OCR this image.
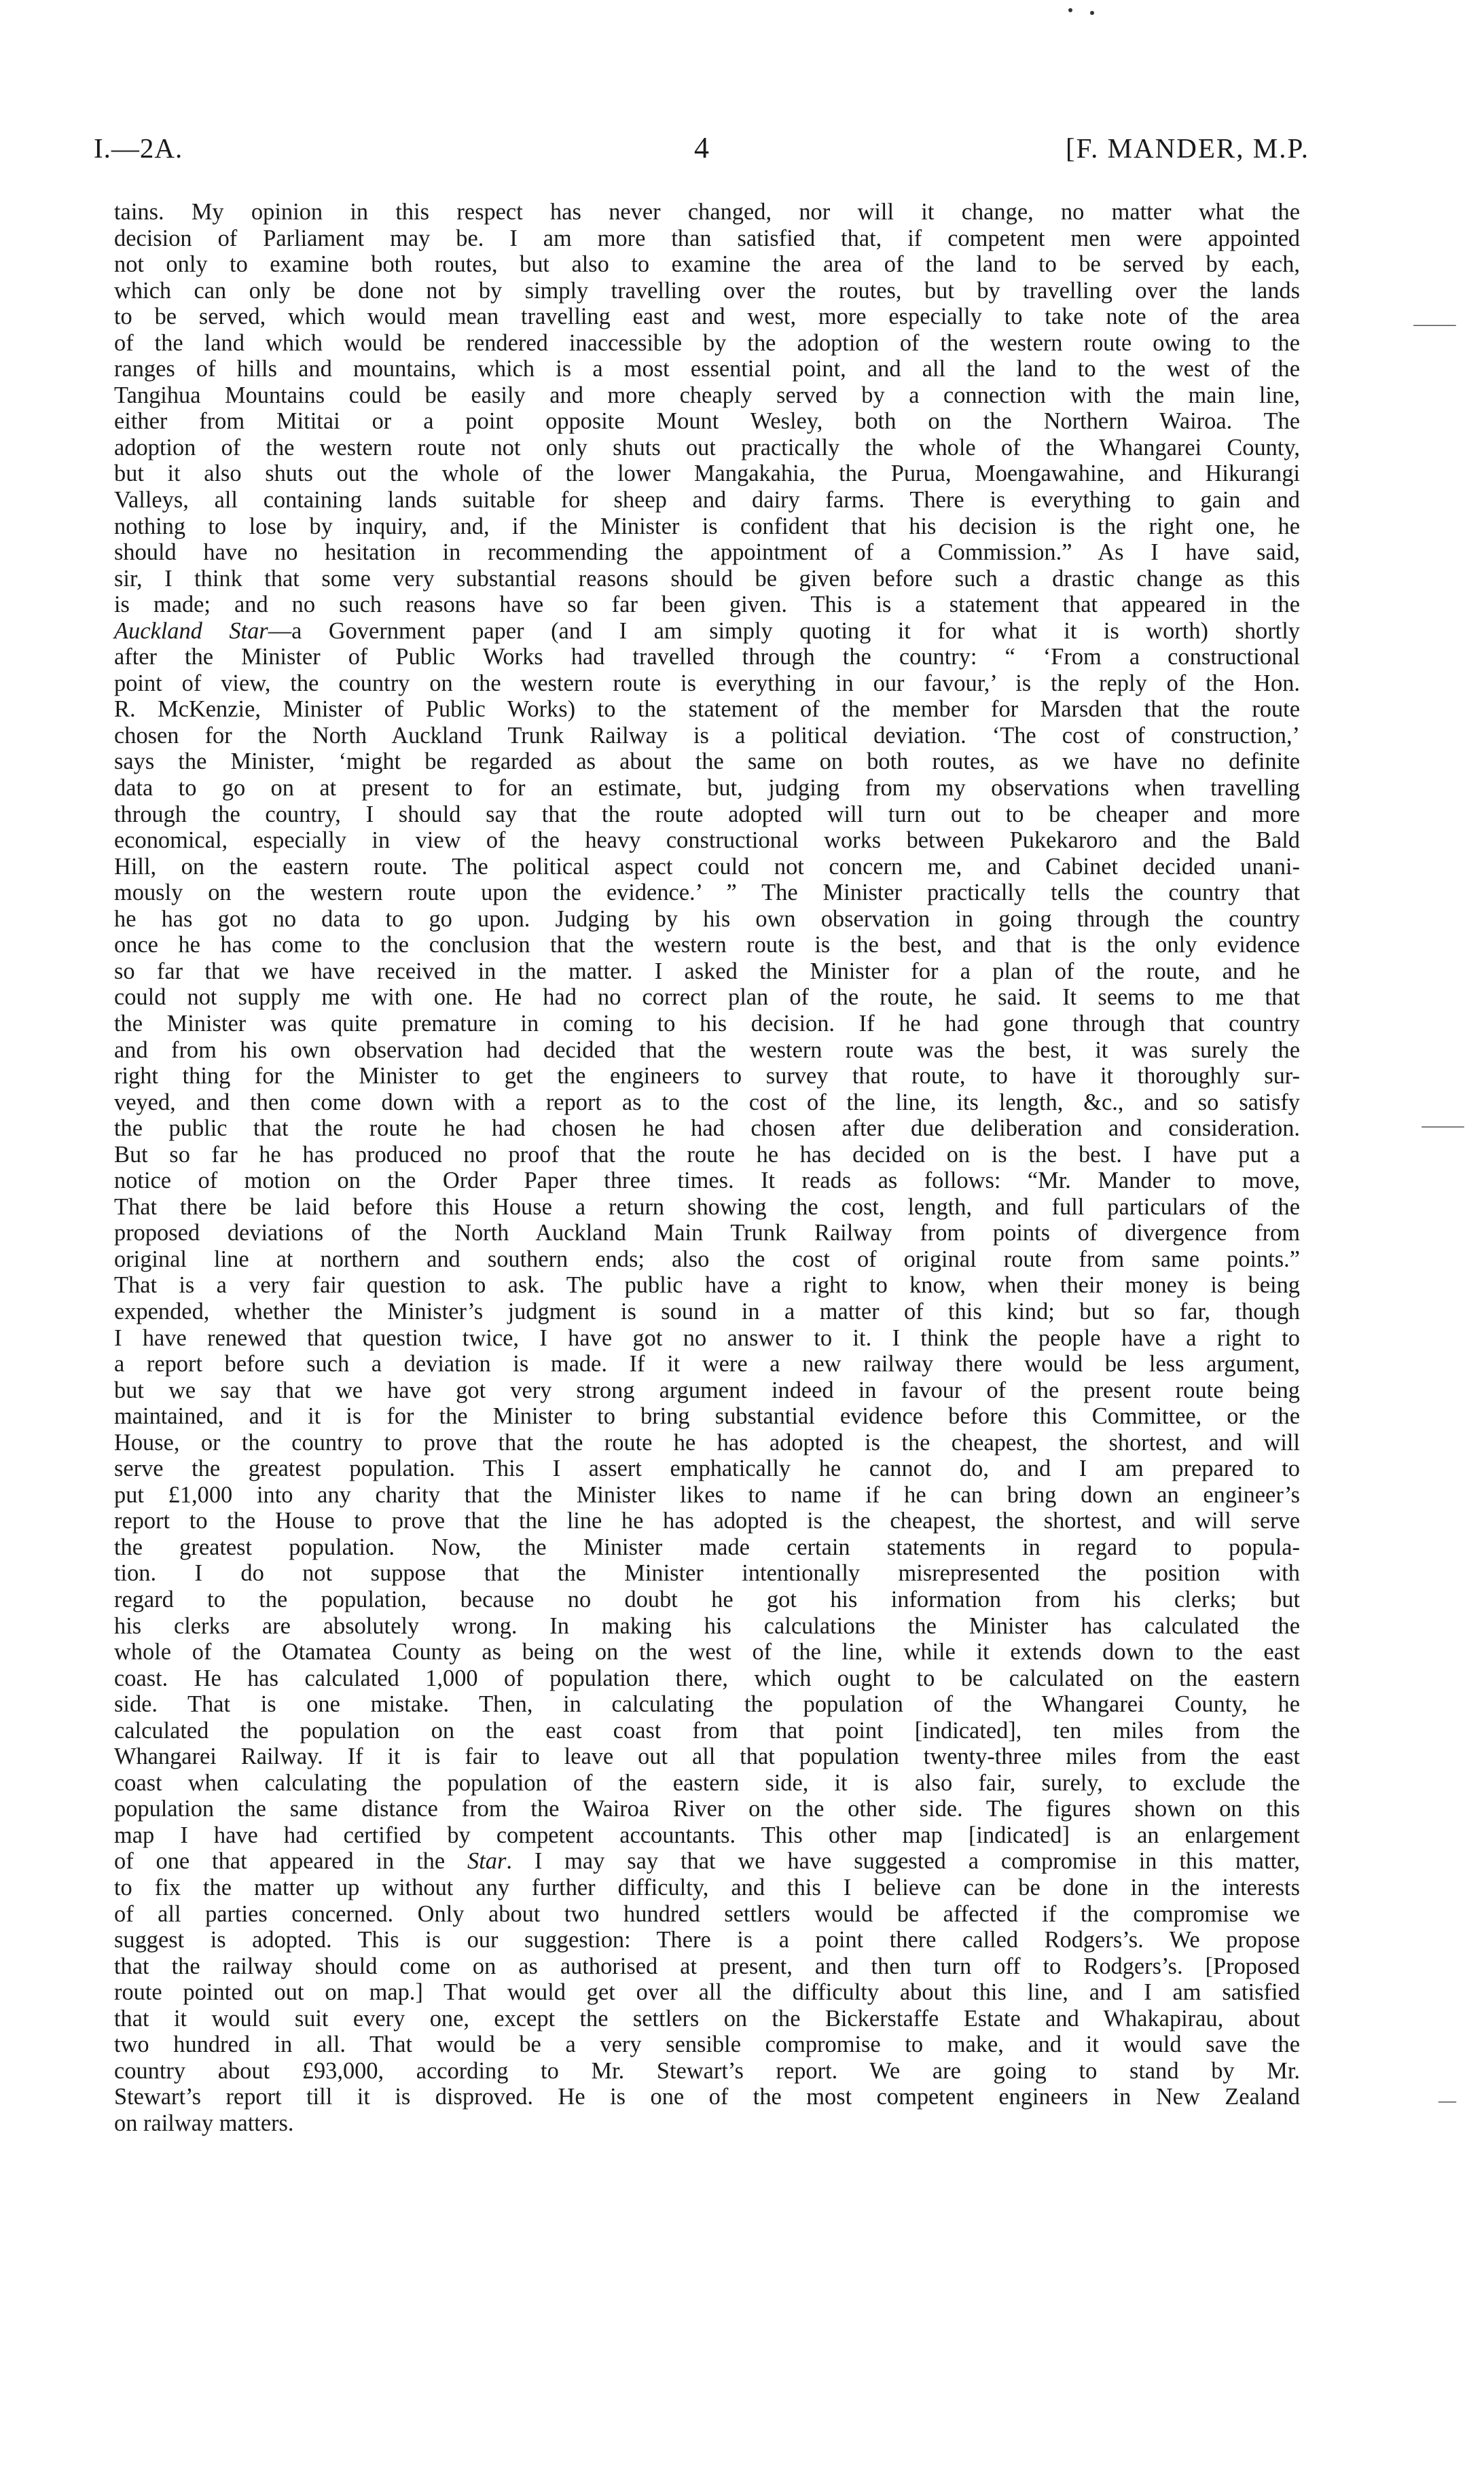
I.—2A.	4	[F. MANDER, M.P.
⸻
⸻
―
tains. My opinion in this respect has never changed, nor will it change, no matter what the
decision of Parliament may be. I am more than satisfied that, if competent men were appointed
not only to examine both routes, but also to examine the area of the land to be served by each,
which can only be done not by simply travelling over the routes, but by travelling over the lands
to be served, which would mean travelling east and west, more especially to take note of the area
of the land which would be rendered inaccessible by the adoption of the western route owing to the
ranges of hills and mountains, which is a most essential point, and all the land to the west of the
Tangihua Mountains could be easily and more cheaply served by a connection with the main line,
either from Mititai or a point opposite Mount Wesley, both on the Northern Wairoa. The
adoption of the western route not only shuts out practically the whole of the Whangarei County,
but it also shuts out the whole of the lower Mangakahia, the Purua, Moengawahine, and Hikurangi
Valleys, all containing lands suitable for sheep and dairy farms. There is everything to gain and
nothing to lose by inquiry, and, if the Minister is confident that his decision is the right one, he
should have no hesitation in recommending the appointment of a Commission.” As I have said,
sir, I think that some very substantial reasons should be given before such a drastic change as this
is made; and no such reasons have so far been given. This is a statement that appeared in the
Auckland Star—a Government paper (and I am simply quoting it for what it is worth) shortly
after the Minister of Public Works had travelled through the country: “ ‘From a constructional
point of view, the country on the western route is everything in our favour,’ is the reply of the Hon.
R. McKenzie, Minister of Public Works) to the statement of the member for Marsden that the route
chosen for the North Auckland Trunk Railway is a political deviation. ‘The cost of construction,’
says the Minister, ‘might be regarded as about the same on both routes, as we have no definite
data to go on at present to for an estimate, but, judging from my observations when travelling
through the country, I should say that the route adopted will turn out to be cheaper and more
economical, especially in view of the heavy constructional works between Pukekaroro and the Bald
Hill, on the eastern route. The political aspect could not concern me, and Cabinet decided unani-
mously on the western route upon the evidence.’ ” The Minister practically tells the country that
he has got no data to go upon. Judging by his own observation in going through the country
once he has come to the conclusion that the western route is the best, and that is the only evidence
so far that we have received in the matter. I asked the Minister for a plan of the route, and he
could not supply me with one. He had no correct plan of the route, he said. It seems to me that
the Minister was quite premature in coming to his decision. If he had gone through that country
and from his own observation had decided that the western route was the best, it was surely the
right thing for the Minister to get the engineers to survey that route, to have it thoroughly sur-
veyed, and then come down with a report as to the cost of the line, its length, &c., and so satisfy
the public that the route he had chosen he had chosen after due deliberation and consideration.
But so far he has produced no proof that the route he has decided on is the best. I have put a
notice of motion on the Order Paper three times. It reads as follows: “Mr. Mander to move,
That there be laid before this House a return showing the cost, length, and full particulars of the
proposed deviations of the North Auckland Main Trunk Railway from points of divergence from
original line at northern and southern ends; also the cost of original route from same points.”
That is a very fair question to ask. The public have a right to know, when their money is being
expended, whether the Minister’s judgment is sound in a matter of this kind; but so far, though
I have renewed that question twice, I have got no answer to it. I think the people have a right to
a report before such a deviation is made. If it were a new railway there would be less argument,
but we say that we have got very strong argument indeed in favour of the present route being
maintained, and it is for the Minister to bring substantial evidence before this Committee, or the
House, or the country to prove that the route he has adopted is the cheapest, the shortest, and will
serve the greatest population. This I assert emphatically he cannot do, and I am prepared to
put £1,000 into any charity that the Minister likes to name if he can bring down an engineer’s
report to the House to prove that the line he has adopted is the cheapest, the shortest, and will serve
the greatest population. Now, the Minister made certain statements in regard to popula-
tion. I do not suppose that the Minister intentionally misrepresented the position with
regard to the population, because no doubt he got his information from his clerks; but
his clerks are absolutely wrong. In making his calculations the Minister has calculated the
whole of the Otamatea County as being on the west of the line, while it extends down to the east
coast. He has calculated 1,000 of population there, which ought to be calculated on the eastern
side. That is one mistake. Then, in calculating the population of the Whangarei County, he
calculated the population on the east coast from that point [indicated], ten miles from the
Whangarei Railway. If it is fair to leave out all that population twenty-three miles from the east
coast when calculating the population of the eastern side, it is also fair, surely, to exclude the
population the same distance from the Wairoa River on the other side. The figures shown on this
map I have had certified by competent accountants. This other map [indicated] is an enlargement
of one that appeared in the Star. I may say that we have suggested a compromise in this matter,
to fix the matter up without any further difficulty, and this I believe can be done in the interests
of all parties concerned. Only about two hundred settlers would be affected if the compromise we
suggest is adopted. This is our suggestion: There is a point there called Rodgers’s. We propose
that the railway should come on as authorised at present, and then turn off to Rodgers’s. [Proposed
route pointed out on map.] That would get over all the difficulty about this line, and I am satisfied
that it would suit every one, except the settlers on the Bickerstaffe Estate and Whakapirau, about
two hundred in all. That would be a very sensible compromise to make, and it would save the
country about £93,000, according to Mr. Stewart’s report. We are going to stand by Mr.
Stewart’s report till it is disproved. He is one of the most competent engineers in New Zealand
on railway matters.
